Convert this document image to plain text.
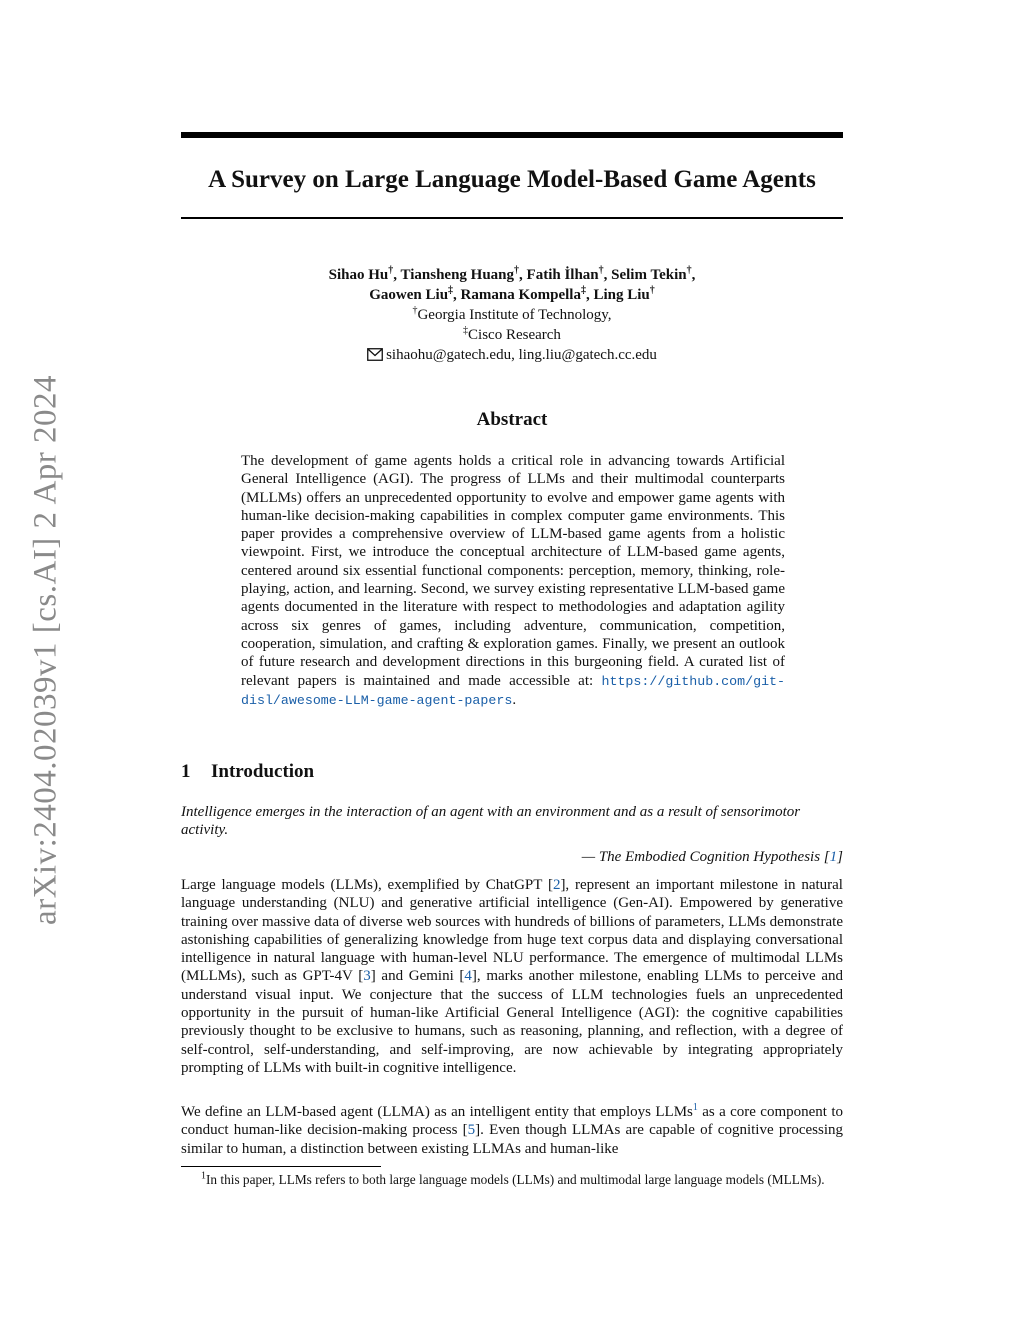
arXiv:2404.02039v1 [cs.AI] 2 Apr 2024
A Survey on Large Language Model-Based Game Agents
Sihao Hu†, Tiansheng Huang†, Fatih İlhan†, Selim Tekin†,
Gaowen Liu‡, Ramana Kompella‡, Ling Liu†
†Georgia Institute of Technology,
‡Cisco Research
sihaohu@gatech.edu, ling.liu@gatech.cc.edu
Abstract

The development of game agents holds a critical role in advancing towards Artificial General Intelligence (AGI). The progress of LLMs and their multimodal counterparts (MLLMs) offers an unprecedented opportunity to evolve and empower game agents with human-like decision-making capabilities in complex computer game environments. This paper provides a comprehensive overview of LLM-based game agents from a holistic viewpoint. First, we introduce the conceptual architecture of LLM-based game agents, centered around six essential functional components: perception, memory, thinking, role-playing, action, and learning. Second, we survey existing representative LLM-based game agents documented in the literature with respect to methodologies and adaptation agility across six genres of games, including adventure, communication, competition, cooperation, simulation, and crafting & exploration games. Finally, we present an outlook of future research and development directions in this burgeoning field. A curated list of relevant papers is maintained and made accessible at: https://github.com/git-disl/awesome-LLM-game-agent-papers.

1 Introduction

Intelligence emerges in the interaction of an agent with an environment and as a result of sensorimotor activity.

— The Embodied Cognition Hypothesis [1]

Large language models (LLMs), exemplified by ChatGPT [2], represent an important milestone in natural language understanding (NLU) and generative artificial intelligence (Gen-AI). Empowered by generative training over massive data of diverse web sources with hundreds of billions of parameters, LLMs demonstrate astonishing capabilities of generalizing knowledge from huge text corpus data and displaying conversational intelligence in natural language with human-level NLU performance. The emergence of multimodal LLMs (MLLMs), such as GPT-4V [3] and Gemini [4], marks another milestone, enabling LLMs to perceive and understand visual input. We conjecture that the success of LLM technologies fuels an unprecedented opportunity in the pursuit of human-like Artificial General Intelligence (AGI): the cognitive capabilities previously thought to be exclusive to humans, such as reasoning, planning, and reflection, with a degree of self-control, self-understanding, and self-improving, are now achievable by integrating appropriately prompting of LLMs with built-in cognitive intelligence.

We define an LLM-based agent (LLMA) as an intelligent entity that employs LLMs$^1$ as a core component to conduct human-like decision-making process [5]. Even though LLMAs are capable of cognitive processing similar to human, a distinction between existing LLMAs and human-like

$^1$In this paper, LLMs refers to both large language models (LLMs) and multimodal large language models (MLLMs).
